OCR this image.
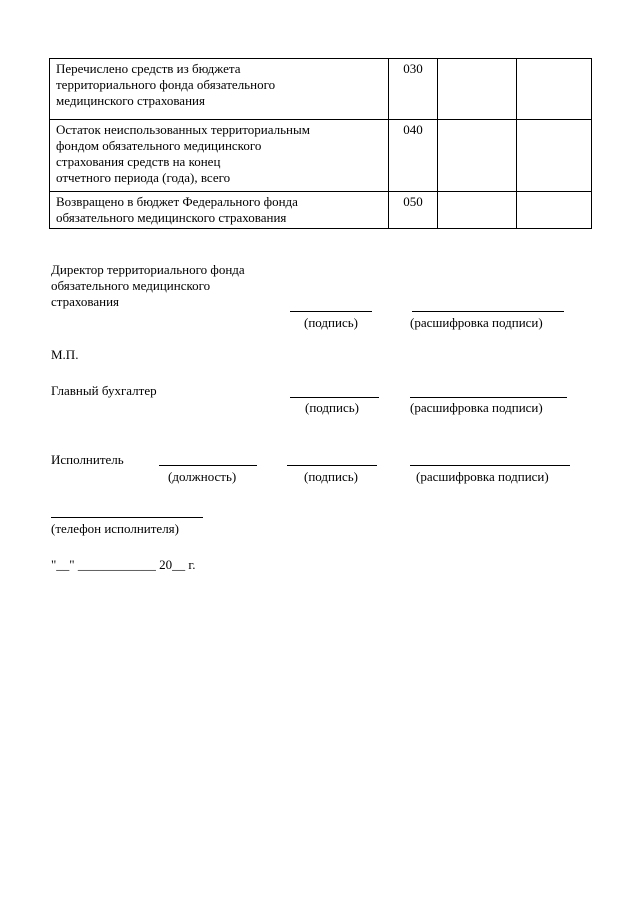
Перечислено средств из бюджета
территориального фонда обязательного
медицинского страхования	030		
Остаток неиспользованных территориальным
фондом обязательного медицинского
страхования средств на конец
отчетного периода (года), всего	040		
Возвращено в бюджет Федерального фонда
обязательного медицинского страхования	050		
Директор территориального фонда
обязательного медицинского
страхования
(подпись)	(расшифровка подписи)
М.П.
Главный бухгалтер
(подпись)	(расшифровка подписи)
Исполнитель
(должность)	(подпись)	(расшифровка подписи)
(телефон исполнителя)
"__" ____________ 20__ г.
